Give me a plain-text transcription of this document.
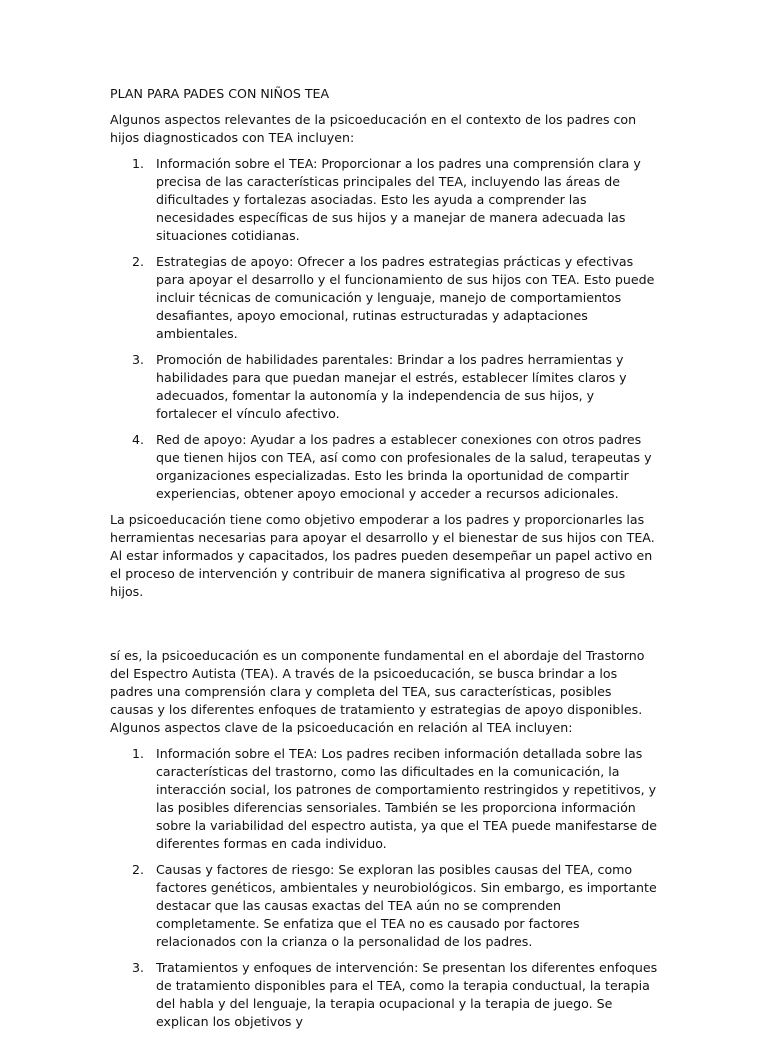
PLAN PARA PADES CON NIÑOS TEA

Algunos aspectos relevantes de la psicoeducación en el contexto de los padres con hijos diagnosticados con TEA incluyen:

1. Información sobre el TEA: Proporcionar a los padres una comprensión clara y precisa de las características principales del TEA, incluyendo las áreas de dificultades y fortalezas asociadas. Esto les ayuda a comprender las necesidades específicas de sus hijos y a manejar de manera adecuada las situaciones cotidianas.
2. Estrategias de apoyo: Ofrecer a los padres estrategias prácticas y efectivas para apoyar el desarrollo y el funcionamiento de sus hijos con TEA. Esto puede incluir técnicas de comunicación y lenguaje, manejo de comportamientos desafiantes, apoyo emocional, rutinas estructuradas y adaptaciones ambientales.
3. Promoción de habilidades parentales: Brindar a los padres herramientas y habilidades para que puedan manejar el estrés, establecer límites claros y adecuados, fomentar la autonomía y la independencia de sus hijos, y fortalecer el vínculo afectivo.
4. Red de apoyo: Ayudar a los padres a establecer conexiones con otros padres que tienen hijos con TEA, así como con profesionales de la salud, terapeutas y organizaciones especializadas. Esto les brinda la oportunidad de compartir experiencias, obtener apoyo emocional y acceder a recursos adicionales.

La psicoeducación tiene como objetivo empoderar a los padres y proporcionarles las herramientas necesarias para apoyar el desarrollo y el bienestar de sus hijos con TEA. Al estar informados y capacitados, los padres pueden desempeñar un papel activo en el proceso de intervención y contribuir de manera significativa al progreso de sus hijos.

sí es, la psicoeducación es un componente fundamental en el abordaje del Trastorno del Espectro Autista (TEA). A través de la psicoeducación, se busca brindar a los padres una comprensión clara y completa del TEA, sus características, posibles causas y los diferentes enfoques de tratamiento y estrategias de apoyo disponibles. Algunos aspectos clave de la psicoeducación en relación al TEA incluyen:

1. Información sobre el TEA: Los padres reciben información detallada sobre las características del trastorno, como las dificultades en la comunicación, la interacción social, los patrones de comportamiento restringidos y repetitivos, y las posibles diferencias sensoriales. También se les proporciona información sobre la variabilidad del espectro autista, ya que el TEA puede manifestarse de diferentes formas en cada individuo.
2. Causas y factores de riesgo: Se exploran las posibles causas del TEA, como factores genéticos, ambientales y neurobiológicos. Sin embargo, es importante destacar que las causas exactas del TEA aún no se comprenden completamente. Se enfatiza que el TEA no es causado por factores relacionados con la crianza o la personalidad de los padres.
3. Tratamientos y enfoques de intervención: Se presentan los diferentes enfoques de tratamiento disponibles para el TEA, como la terapia conductual, la terapia del habla y del lenguaje, la terapia ocupacional y la terapia de juego. Se explican los objetivos y
